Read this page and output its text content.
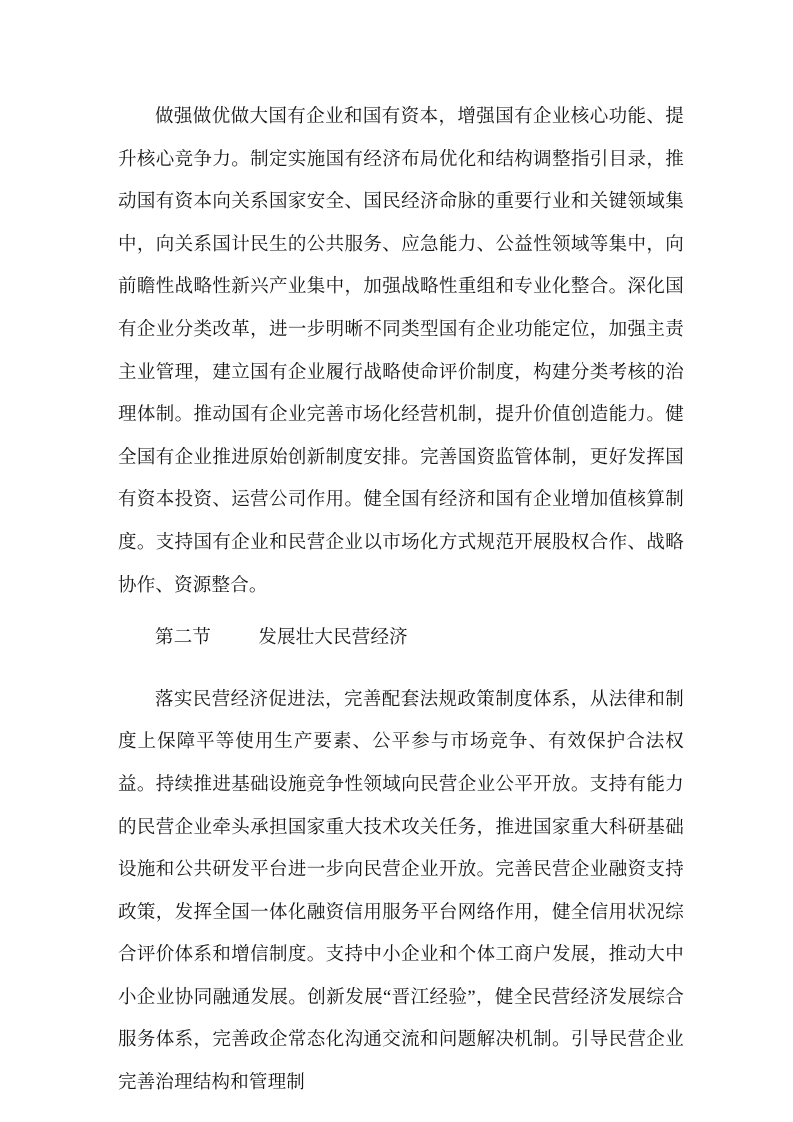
做强做优做大国有企业和国有资本，增强国有企业核心功能、提升核心竞争力。制定实施国有经济布局优化和结构调整指引目录，推动国有资本向关系国家安全、国民经济命脉的重要行业和关键领域集中，向关系国计民生的公共服务、应急能力、公益性领域等集中，向前瞻性战略性新兴产业集中，加强战略性重组和专业化整合。深化国有企业分类改革，进一步明晰不同类型国有企业功能定位，加强主责主业管理，建立国有企业履行战略使命评价制度，构建分类考核的治理体制。推动国有企业完善市场化经营机制，提升价值创造能力。健全国有企业推进原始创新制度安排。完善国资监管体制，更好发挥国有资本投资、运营公司作用。健全国有经济和国有企业增加值核算制度。支持国有企业和民营企业以市场化方式规范开展股权合作、战略协作、资源整合。

第二节	发展壮大民营经济

落实民营经济促进法，完善配套法规政策制度体系，从法律和制度上保障平等使用生产要素、公平参与市场竞争、有效保护合法权益。持续推进基础设施竞争性领域向民营企业公平开放。支持有能力的民营企业牵头承担国家重大技术攻关任务，推进国家重大科研基础设施和公共研发平台进一步向民营企业开放。完善民营企业融资支持政策，发挥全国一体化融资信用服务平台网络作用，健全信用状况综合评价体系和增信制度。支持中小企业和个体工商户发展，推动大中小企业协同融通发展。创新发展“晋江经验”，健全民营经济发展综合服务体系，完善政企常态化沟通交流和问题解决机制。引导民营企业完善治理结构和管理制
